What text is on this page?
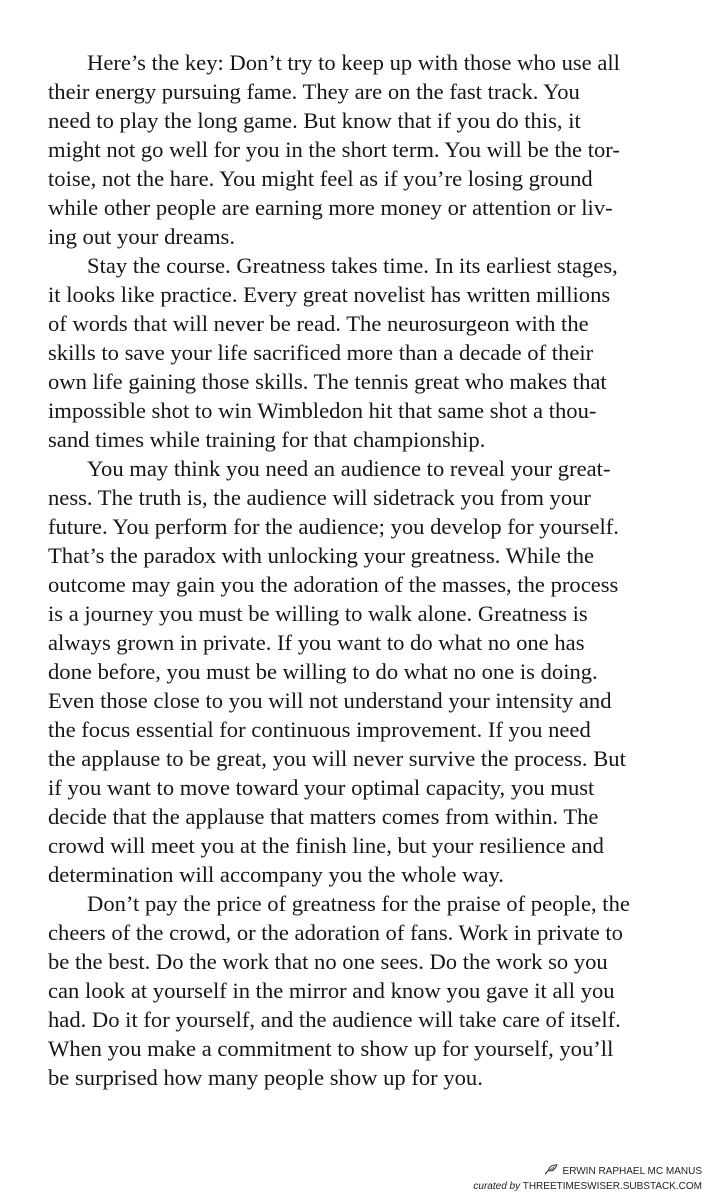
Here’s the key: Don’t try to keep up with those who use all
their energy pursuing fame. They are on the fast track. You
need to play the long game. But know that if you do this, it
might not go well for you in the short term. You will be the tor-
toise, not the hare. You might feel as if you’re losing ground
while other people are earning more money or attention or liv-
ing out your dreams.

Stay the course. Greatness takes time. In its earliest stages,
it looks like practice. Every great novelist has written millions
of words that will never be read. The neurosurgeon with the
skills to save your life sacrificed more than a decade of their
own life gaining those skills. The tennis great who makes that
impossible shot to win Wimbledon hit that same shot a thou-
sand times while training for that championship.

You may think you need an audience to reveal your great-
ness. The truth is, the audience will sidetrack you from your
future. You perform for the audience; you develop for yourself.
That’s the paradox with unlocking your greatness. While the
outcome may gain you the adoration of the masses, the process
is a journey you must be willing to walk alone. Greatness is
always grown in private. If you want to do what no one has
done before, you must be willing to do what no one is doing.
Even those close to you will not understand your intensity and
the focus essential for continuous improvement. If you need
the applause to be great, you will never survive the process. But
if you want to move toward your optimal capacity, you must
decide that the applause that matters comes from within. The
crowd will meet you at the finish line, but your resilience and
determination will accompany you the whole way.

Don’t pay the price of greatness for the praise of people, the
cheers of the crowd, or the adoration of fans. Work in private to
be the best. Do the work that no one sees. Do the work so you
can look at yourself in the mirror and know you gave it all you
had. Do it for yourself, and the audience will take care of itself.
When you make a commitment to show up for yourself, you’ll
be surprised how many people show up for you.

ERWIN RAPHAEL MC MANUS
curated by THREETIMESWISER.SUBSTACK.COM
